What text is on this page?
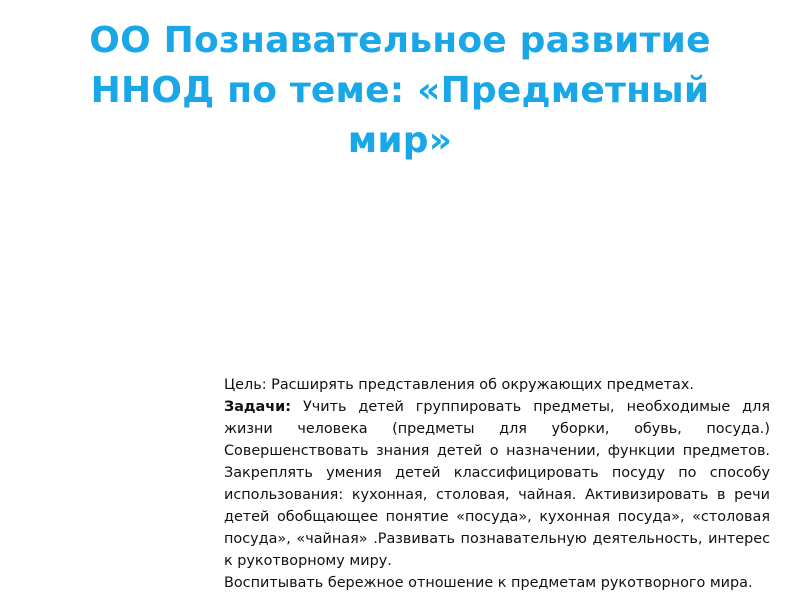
ОО Познавательное развитие
ННОД по теме: «Предметный
мир»

Цель: Расширять представления об окружающих предметах.

Задачи: Учить детей группировать предметы, необходимые для жизни человека (предметы для уборки, обувь, посуда.) Совершенствовать знания детей о назначении, функции предметов. Закреплять умения детей классифицировать посуду по способу использования: кухонная, столовая, чайная. Активизировать в речи детей обобщающее понятие «посуда», кухонная посуда», «столовая посуда», «чайная» .Развивать познавательную деятельность, интерес к рукотворному миру.

Воспитывать бережное отношение к предметам рукотворного мира.
